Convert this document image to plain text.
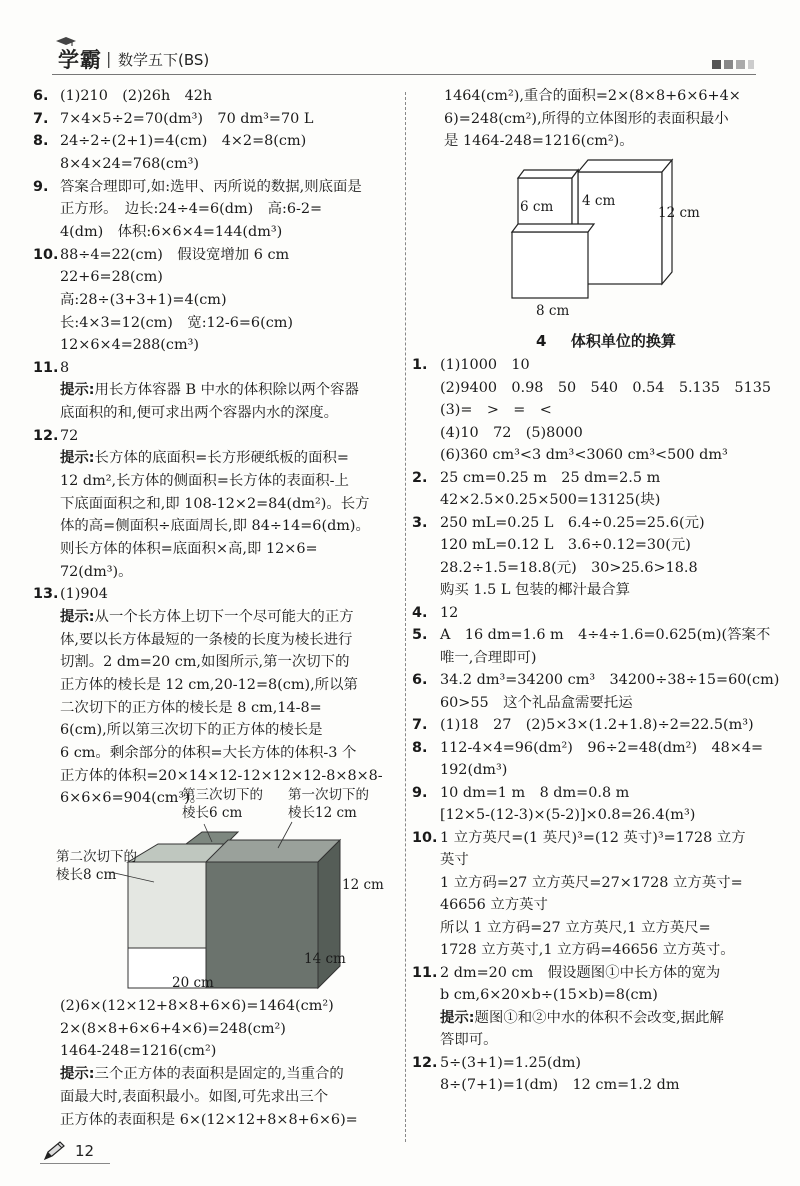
学霸 | 数学五下(BS)
6. (1)210　(2)26h　42h
7. 7×4×5÷2=70(dm³)　70 dm³=70 L
8. 24÷2÷(2+1)=4(cm)　4×2=8(cm)
8×4×24=768(cm³)
9. 答案合理即可,如:选甲、丙所说的数据,则底面是
正方形。　边长:24÷4=6(dm)　高:6-2=
4(dm)　体积:6×6×4=144(dm³)
10. 88÷4=22(cm)　假设宽增加 6 cm
22+6=28(cm)
高:28÷(3+3+1)=4(cm)
长:4×3=12(cm)　宽:12-6=6(cm)
12×6×4=288(cm³)
11. 8
提示:用长方体容器 B 中水的体积除以两个容器
底面积的和,便可求出两个容器内水的深度。
12. 72
提示:长方体的底面积=长方形硬纸板的面积=
12 dm²,长方体的侧面积=长方体的表面积-上
下底面面积之和,即 108-12×2=84(dm²)。长方
体的高=侧面积÷底面周长,即 84÷14=6(dm)。
则长方体的体积=底面积×高,即 12×6=
72(dm³)。
13. (1)904
提示:从一个长方体上切下一个尽可能大的正方
体,要以长方体最短的一条棱的长度为棱长进行
切割。2 dm=20 cm,如图所示,第一次切下的
正方体的棱长是 12 cm,20-12=8(cm),所以第
二次切下的正方体的棱长是 8 cm,14-8=
6(cm),所以第三次切下的正方体的棱长是
6 cm。剩余部分的体积=大长方体的体积-3 个
正方体的体积=20×14×12-12×12×12-8×8×8-
6×6×6=904(cm³)。
第三次切下的
棱长6 cm
第一次切下的
棱长12 cm
第二次切下的
棱长8 cm
12 cm
14 cm
20 cm
(2)6×(12×12+8×8+6×6)=1464(cm²)
2×(8×8+6×6+4×6)=248(cm²)
1464-248=1216(cm²)
提示:三个正方体的表面积是固定的,当重合的
面最大时,表面积最小。如图,可先求出三个
正方体的表面积是 6×(12×12+8×8+6×6)=
1464(cm²),重合的面积=2×(8×8+6×6+4×
6)=248(cm²),所得的立体图形的表面积最小
是 1464-248=1216(cm²)。
6 cm 4 cm
12 cm
8 cm
4 体积单位的换算
1. (1)1000　10
(2)9400　0.98　50　540　0.54　5.135　5135
(3)=　>　=　<
(4)10　72　(5)8000
(6)360 cm³<3 dm³<3060 cm³<500 dm³
2. 25 cm=0.25 m　25 dm=2.5 m
42×2.5×0.25×500=13125(块)
3. 250 mL=0.25 L　6.4÷0.25=25.6(元)
120 mL=0.12 L　3.6÷0.12=30(元)
28.2÷1.5=18.8(元)　30>25.6>18.8
购买 1.5 L 包装的椰汁最合算
4. 12
5. A　16 dm=1.6 m　4÷4÷1.6=0.625(m)(答案不
唯一,合理即可)
6. 34.2 dm³=34200 cm³　34200÷38÷15=60(cm)
60>55　这个礼品盒需要托运
7. (1)18　27　(2)5×3×(1.2+1.8)÷2=22.5(m³)
8. 112-4×4=96(dm²)　96÷2=48(dm²)　48×4=
192(dm³)
9. 10 dm=1 m　8 dm=0.8 m
[12×5-(12-3)×(5-2)]×0.8=26.4(m³)
10. 1 立方英尺=(1 英尺)³=(12 英寸)³=1728 立方
英寸
1 立方码=27 立方英尺=27×1728 立方英寸=
46656 立方英寸
所以 1 立方码=27 立方英尺,1 立方英尺=
1728 立方英寸,1 立方码=46656 立方英寸。
11. 2 dm=20 cm　假设题图①中长方体的宽为
b cm,6×20×b÷(15×b)=8(cm)
提示:题图①和②中水的体积不会改变,据此解
答即可。
12. 5÷(3+1)=1.25(dm)
8÷(7+1)=1(dm)　12 cm=1.2 dm
12
